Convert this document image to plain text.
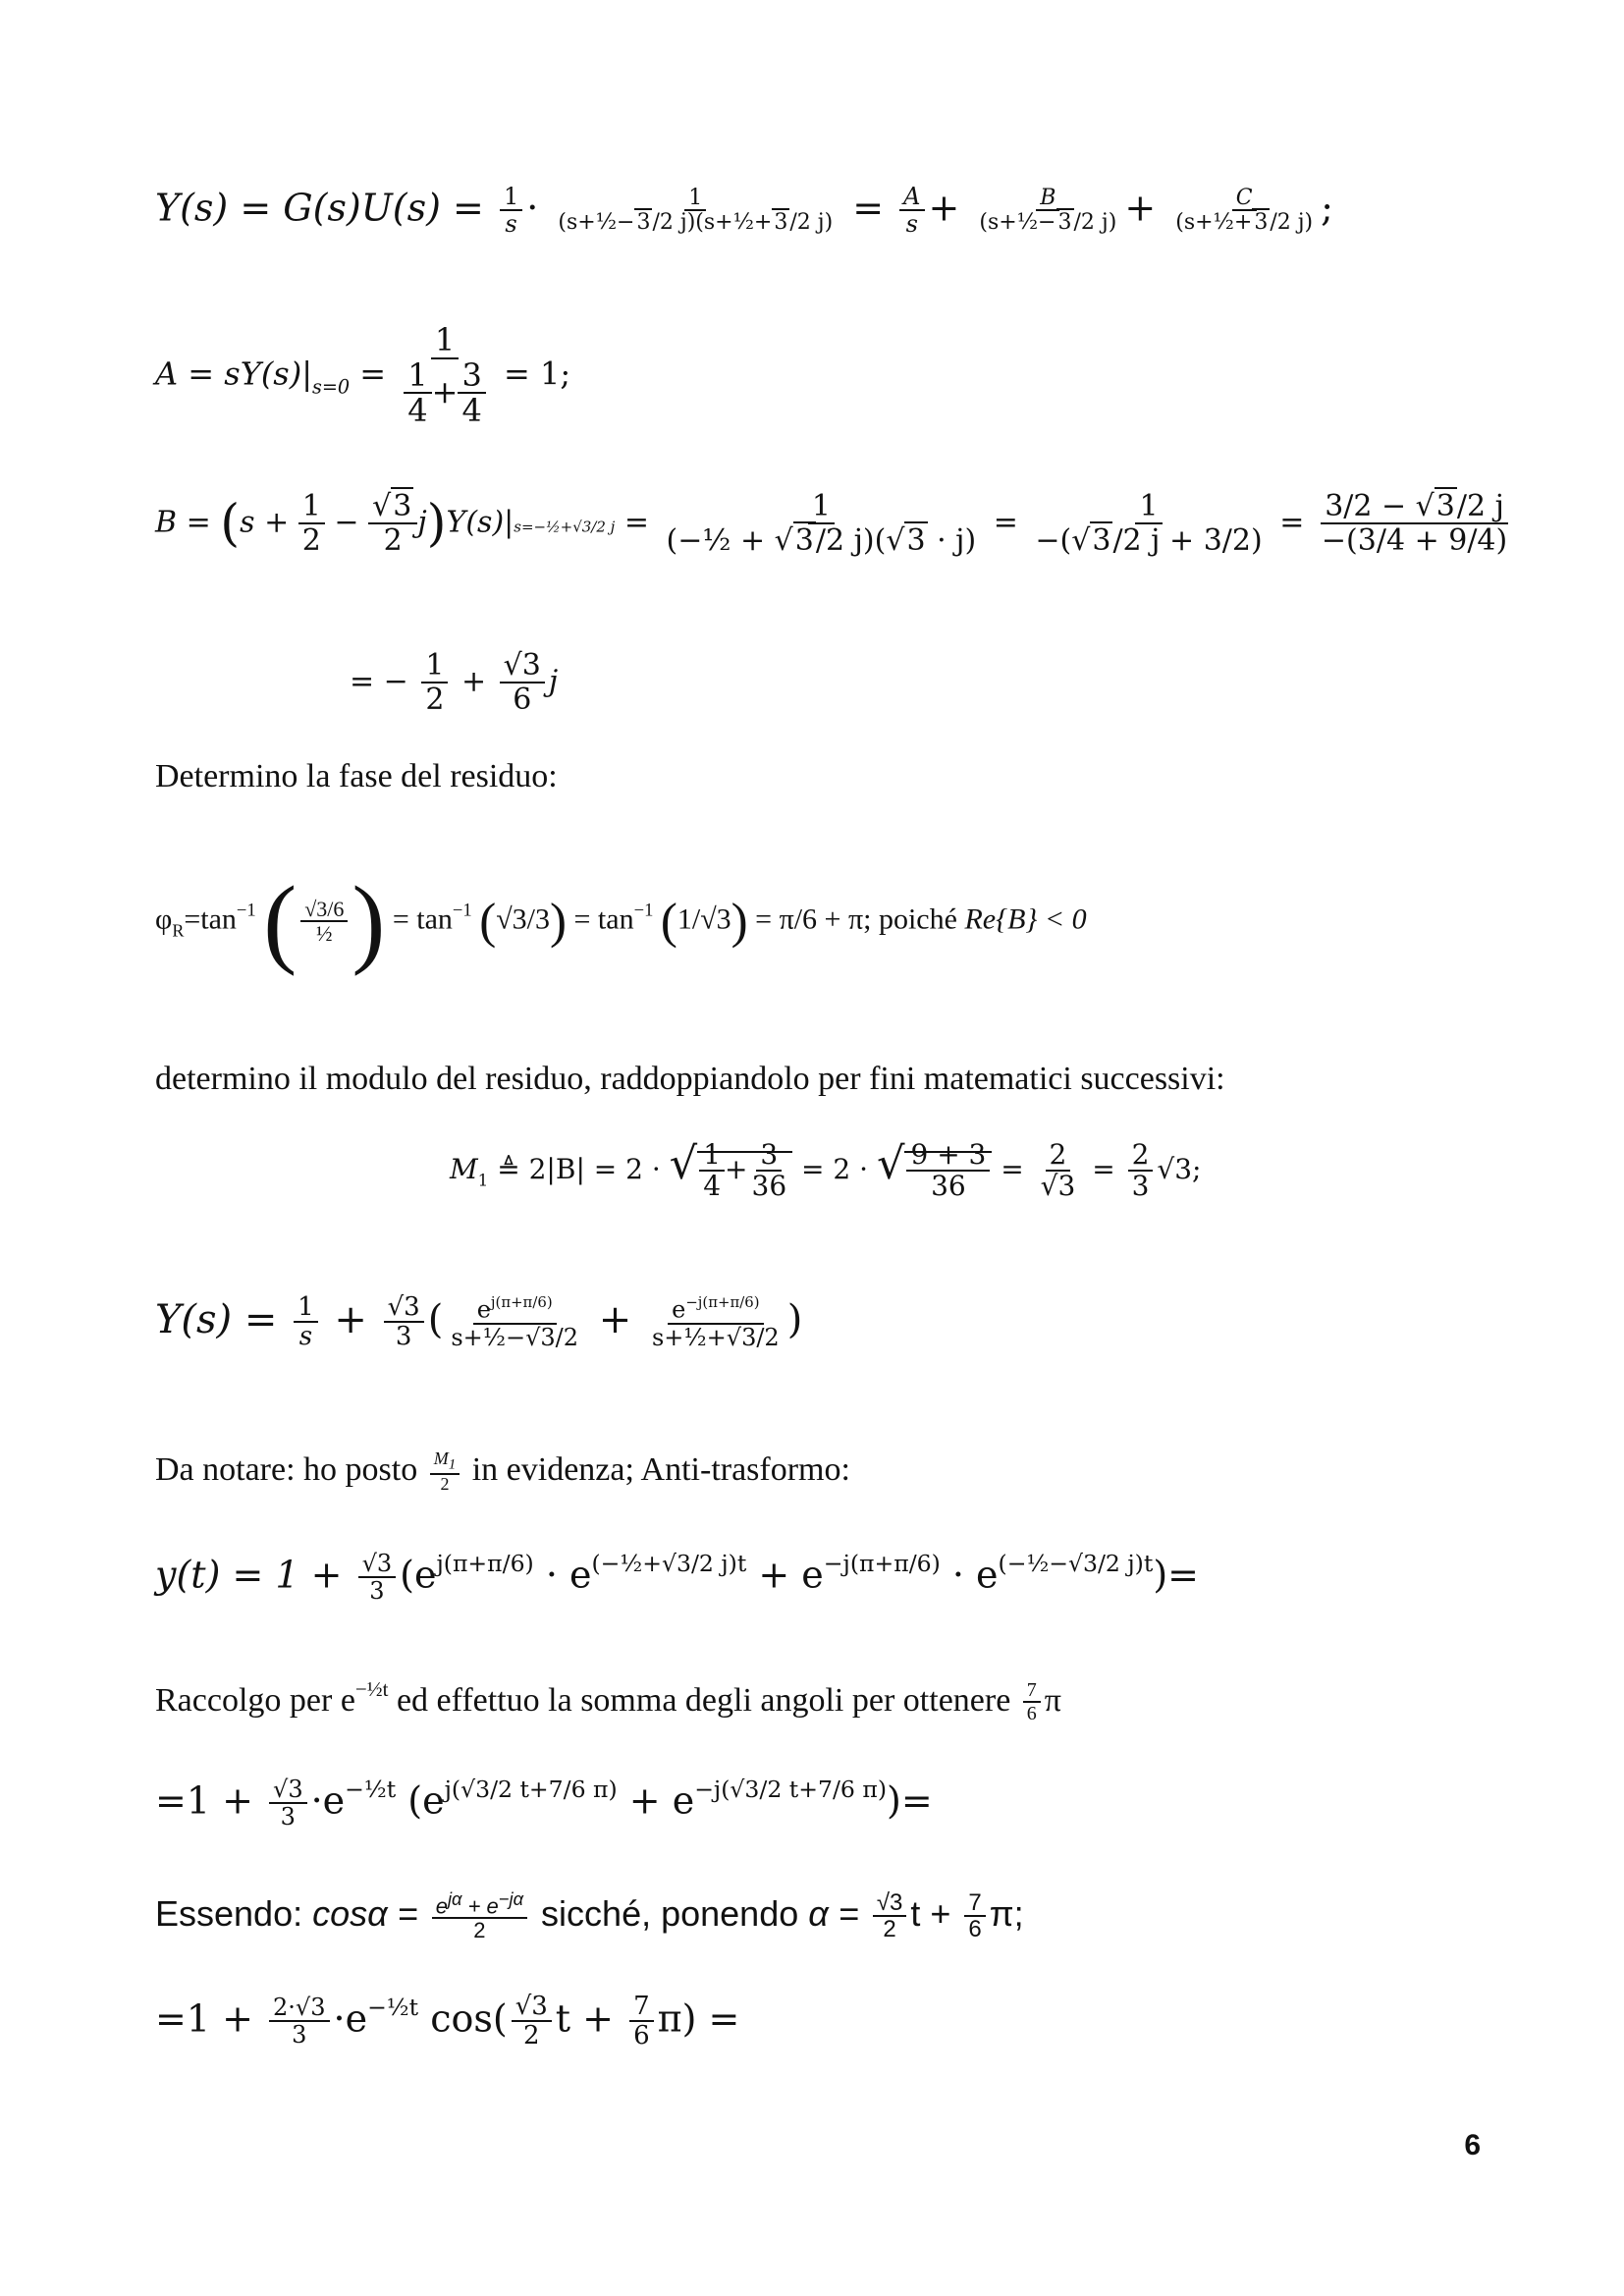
$Y(s) = G(s)U(s) = \frac{1}{s} \cdot \frac{1}{\text{(s+½−3/2 j)(s+½+3/2 j)}} = \frac{A}{s} + \frac{B}{\text{(s+½−3/2 j)}} + \frac{C}{\text{(s+½+3/2 j)}}$ ;
$A = sY(s)|_{s=0} = \frac{1}{\frac{1}{4} + \frac{3}{4}} = 1$;
$B = (s + \frac{1}{2} - \frac{√3}{2}$ j)Y(s)|s=−½+√3/2 $j = \frac{1}{\text{(−½ + √3/2 j)(√3 · j)}} = \frac{1}{-(√3/2 j + 3/2)} = \frac{3/2 - √3/2 j}{-(3/4 + 9/4)}$
= − $\frac{1}{2} + \frac{√3}{6}$ j
Determino la fase del residuo:
$\varphi_R=\tan^{-1}$ ( $\frac{√3/6}{\text{½}}$ ) = $\tan^{-1} (√3/3) = \tan^{-1} (1/√3) = \pi/6 + \pi$; poiché Re{B} < 0
determino il modulo del residuo, raddoppiandolo per fini matematici successivi:
$M_1$ ≜ 2|B| = 2 · √ $\frac{1}{4} + \frac{3}{36} = 2$ · √ $\frac{9 + 3}{36} = \frac{2}{√3} = \frac{2}{3} √3$;
$Y(s) = \frac{1}{s} + \frac{√3}{3}$ ( $\frac{e^{j(\pi+\pi/6)}}{\text{s+½−√3/2}} + \frac{e^{-j(\pi+\pi/6)}}{\text{s+½+√3/2}}$ )
Da notare: ho posto $\frac{M_1}{2}$ in evidenza; Anti-trasformo:
$y(t) = 1 + \frac{√3}{3} (e^{j(\pi+\pi/6)} \cdot e^{(-\frac{1}{2}+√3/2 j)t} + e^{-j(\pi+\pi/6)} \cdot e^{(-\frac{1}{2}-√3/2 j)t})=$
Raccolgo per $e^{-\frac{1}{2}t}$ ed effettuo la somma degli angoli per ottenere $\frac{7}{6}$ π
$=1 + \frac{√3}{3} \cdot e^{-\frac{1}{2}t}$ $(e^{j(√3/2 t+7/6 \pi)} + e^{-j(√3/2 t+7/6 \pi)})=$
Essendo: $\cos\alpha = \frac{e^{j\alpha} + e^{-j\alpha}}{2}$ sicché, ponendo $\alpha = \frac{√3}{2}$ $t + \frac{7}{6} \pi$;
$=1 + \frac{2\cdot√3}{3} \cdot e^{-\frac{1}{2}t}$ $\cos( \frac{√3}{2}$ $t + \frac{7}{6} \pi$) =
6
